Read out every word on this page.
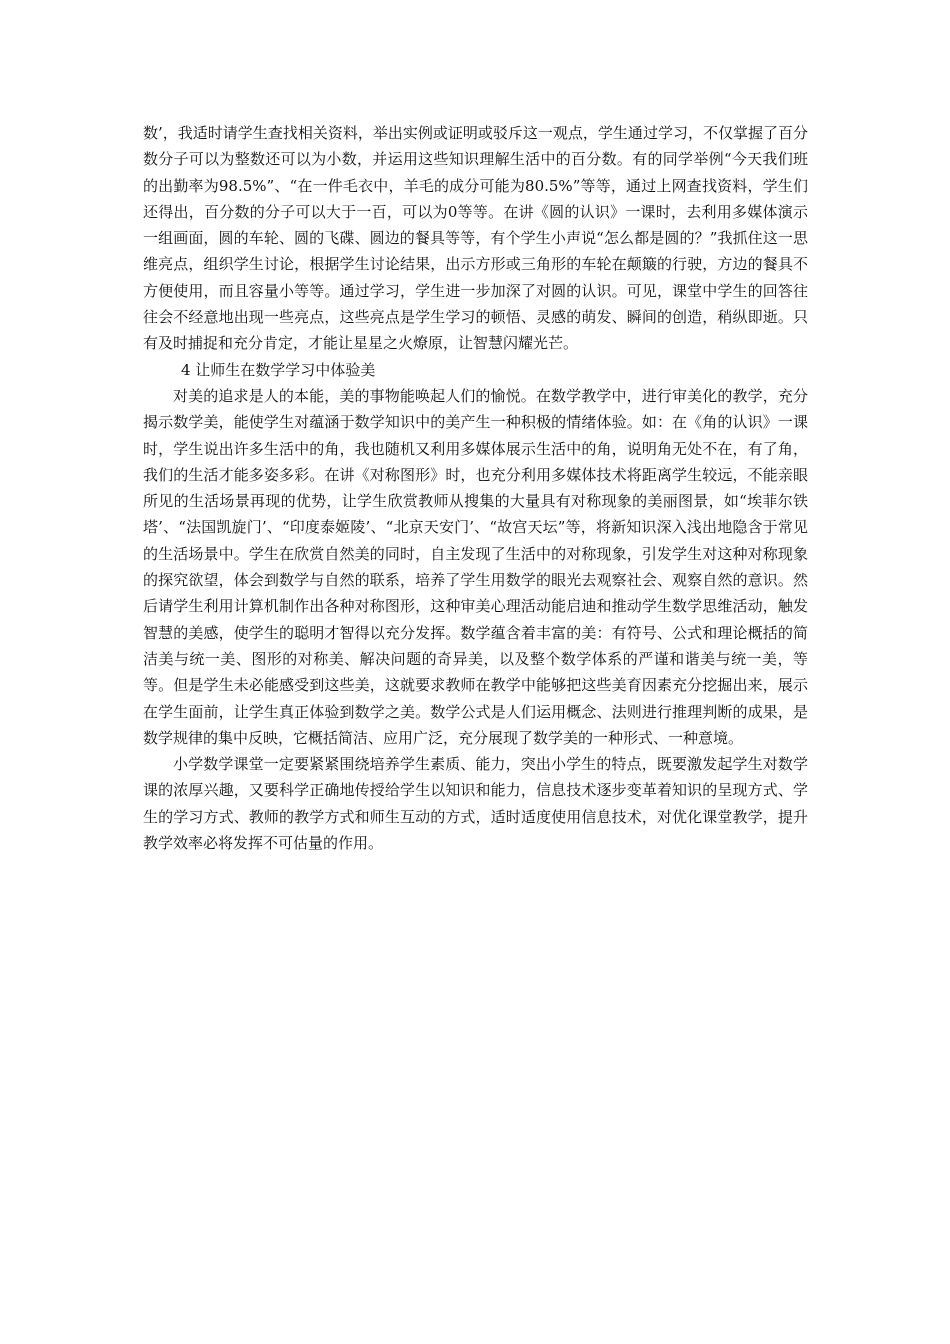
数’，我适时请学生查找相关资料，举出实例或证明或驳斥这一观点，学生通过学习，不仅掌握了百分数分子可以为整数还可以为小数，并运用这些知识理解生活中的百分数。有的同学举例“今天我们班的出勤率为98.5%”、“在一件毛衣中，羊毛的成分可能为80.5%”等等，通过上网查找资料，学生们还得出，百分数的分子可以大于一百，可以为0等等。在讲《圆的认识》一课时，去利用多媒体演示一组画面，圆的车轮、圆的飞碟、圆边的餐具等等，有个学生小声说“怎么都是圆的？”我抓住这一思维亮点，组织学生讨论，根据学生讨论结果，出示方形或三角形的车轮在颠簸的行驶，方边的餐具不方便使用，而且容量小等等。通过学习，学生进一步加深了对圆的认识。可见，课堂中学生的回答往往会不经意地出现一些亮点，这些亮点是学生学习的顿悟、灵感的萌发、瞬间的创造，稍纵即逝。只有及时捕捉和充分肯定，才能让星星之火燎原，让智慧闪耀光芒。

4 让师生在数学学习中体验美

对美的追求是人的本能，美的事物能唤起人们的愉悦。在数学教学中，进行审美化的教学，充分揭示数学美，能使学生对蕴涵于数学知识中的美产生一种积极的情绪体验。如：在《角的认识》一课时，学生说出许多生活中的角，我也随机又利用多媒体展示生活中的角，说明角无处不在，有了角，我们的生活才能多姿多彩。在讲《对称图形》时，也充分利用多媒体技术将距离学生较远，不能亲眼所见的生活场景再现的优势，让学生欣赏教师从搜集的大量具有对称现象的美丽图景，如“埃菲尔铁塔’、“法国凯旋门’、“印度泰姬陵’、“北京天安门’、“故宫天坛”等，将新知识深入浅出地隐含于常见的生活场景中。学生在欣赏自然美的同时，自主发现了生活中的对称现象，引发学生对这种对称现象的探究欲望，体会到数学与自然的联系，培养了学生用数学的眼光去观察社会、观察自然的意识。然后请学生利用计算机制作出各种对称图形，这种审美心理活动能启迪和推动学生数学思维活动，触发智慧的美感，使学生的聪明才智得以充分发挥。数学蕴含着丰富的美：有符号、公式和理论概括的简洁美与统一美、图形的对称美、解决问题的奇异美，以及整个数学体系的严谨和谐美与统一美，等等。但是学生未必能感受到这些美，这就要求教师在教学中能够把这些美育因素充分挖掘出来，展示在学生面前，让学生真正体验到数学之美。数学公式是人们运用概念、法则进行推理判断的成果，是数学规律的集中反映，它概括简洁、应用广泛，充分展现了数学美的一种形式、一种意境。

小学数学课堂一定要紧紧围绕培养学生素质、能力，突出小学生的特点，既要激发起学生对数学课的浓厚兴趣，又要科学正确地传授给学生以知识和能力，信息技术逐步变革着知识的呈现方式、学生的学习方式、教师的教学方式和师生互动的方式，适时适度使用信息技术，对优化课堂教学，提升教学效率必将发挥不可估量的作用。
